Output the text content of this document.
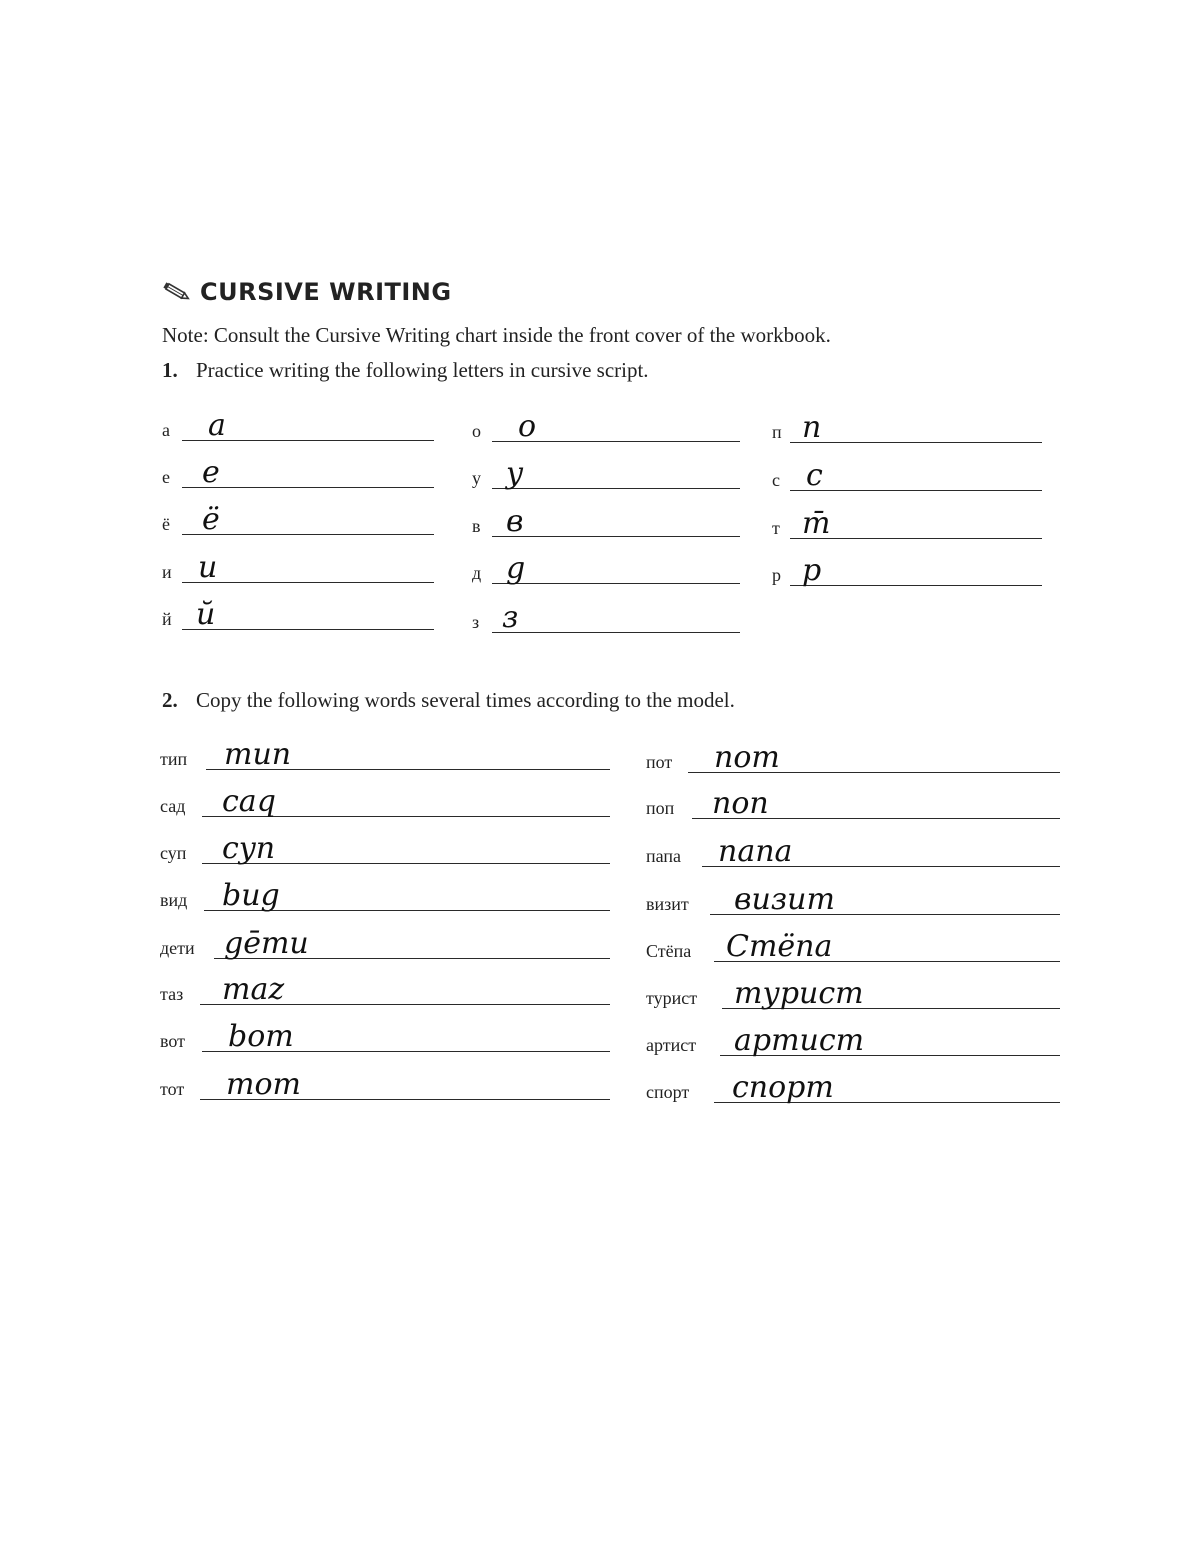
CURSIVE WRITING
Note: Consult the Cursive Writing chart inside the front cover of the workbook.
1. Practice writing the following letters in cursive script.
а a
е e
ё ё
и u
й ŭ
о o
у y
в в
д g
з з
п n
с c
т m̄
р p
2. Copy the following words several times according to the model.
тип mun
сад caq
суп cyn
вид bug
дети gēmu
таз maz
вот bom
тот mom
пот nom
поп non
папа nana
визит визит
Стёпа Стёпа
турист турист
артист артист
спорт спорт
